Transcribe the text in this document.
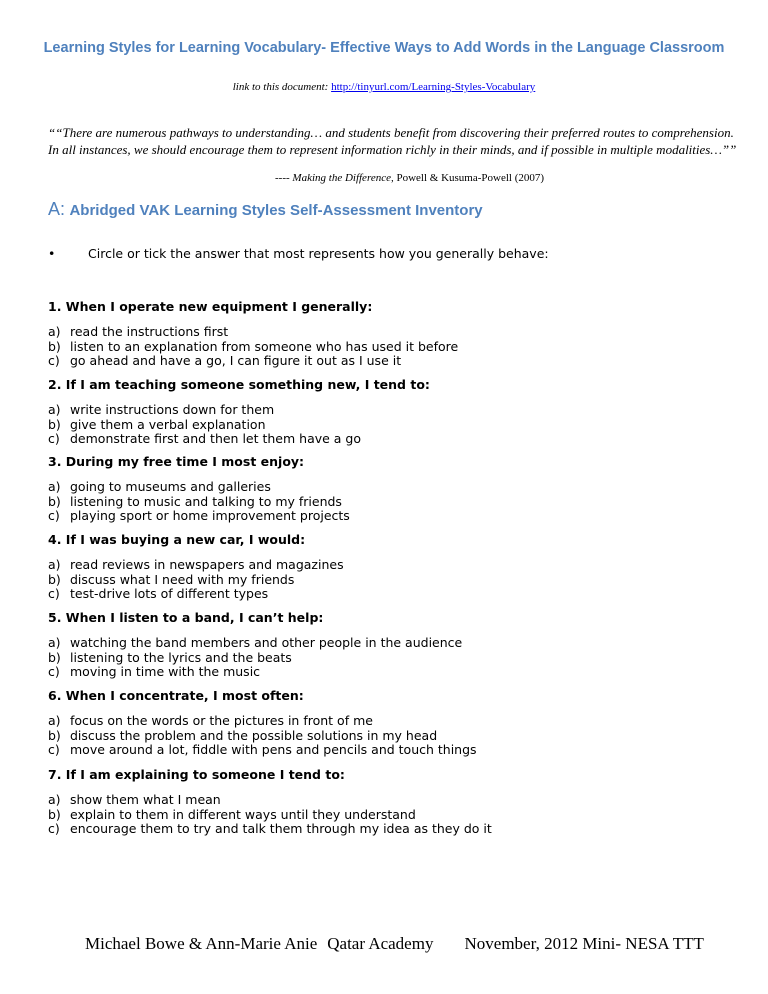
Learning Styles for Learning Vocabulary- Effective Ways to Add Words in the Language Classroom
link to this document: http://tinyurl.com/Learning-Styles-Vocabulary
““There are numerous pathways to understanding… and students benefit from discovering their preferred routes to comprehension. In all instances, we should encourage them to represent information richly in their minds, and if possible in multiple modalities…””
---- Making the Difference, Powell & Kusuma-Powell (2007)
A: Abridged VAK Learning Styles Self-Assessment Inventory
•	Circle or tick the answer that most represents how you generally behave:
1. When I operate new equipment I generally:
a) read the instructions first
b) listen to an explanation from someone who has used it before
c) go ahead and have a go, I can figure it out as I use it
2. If I am teaching someone something new, I tend to:
a) write instructions down for them
b) give them a verbal explanation
c) demonstrate first and then let them have a go
3. During my free time I most enjoy:
a) going to museums and galleries
b) listening to music and talking to my friends
c) playing sport or home improvement projects
4. If I was buying a new car, I would:
a) read reviews in newspapers and magazines
b) discuss what I need with my friends
c) test-drive lots of different types
5. When I listen to a band, I can’t help:
a) watching the band members and other people in the audience
b) listening to the lyrics and the beats
c) moving in time with the music
6. When I concentrate, I most often:
a) focus on the words or the pictures in front of me
b) discuss the problem and the possible solutions in my head
c) move around a lot, fiddle with pens and pencils and touch things
7. If I am explaining to someone I tend to:
a) show them what I mean
b) explain to them in different ways until they understand
c) encourage them to try and talk them through my idea as they do it
Michael Bowe & Ann-Marie Anie Qatar Academy November, 2012 Mini- NESA TTT
